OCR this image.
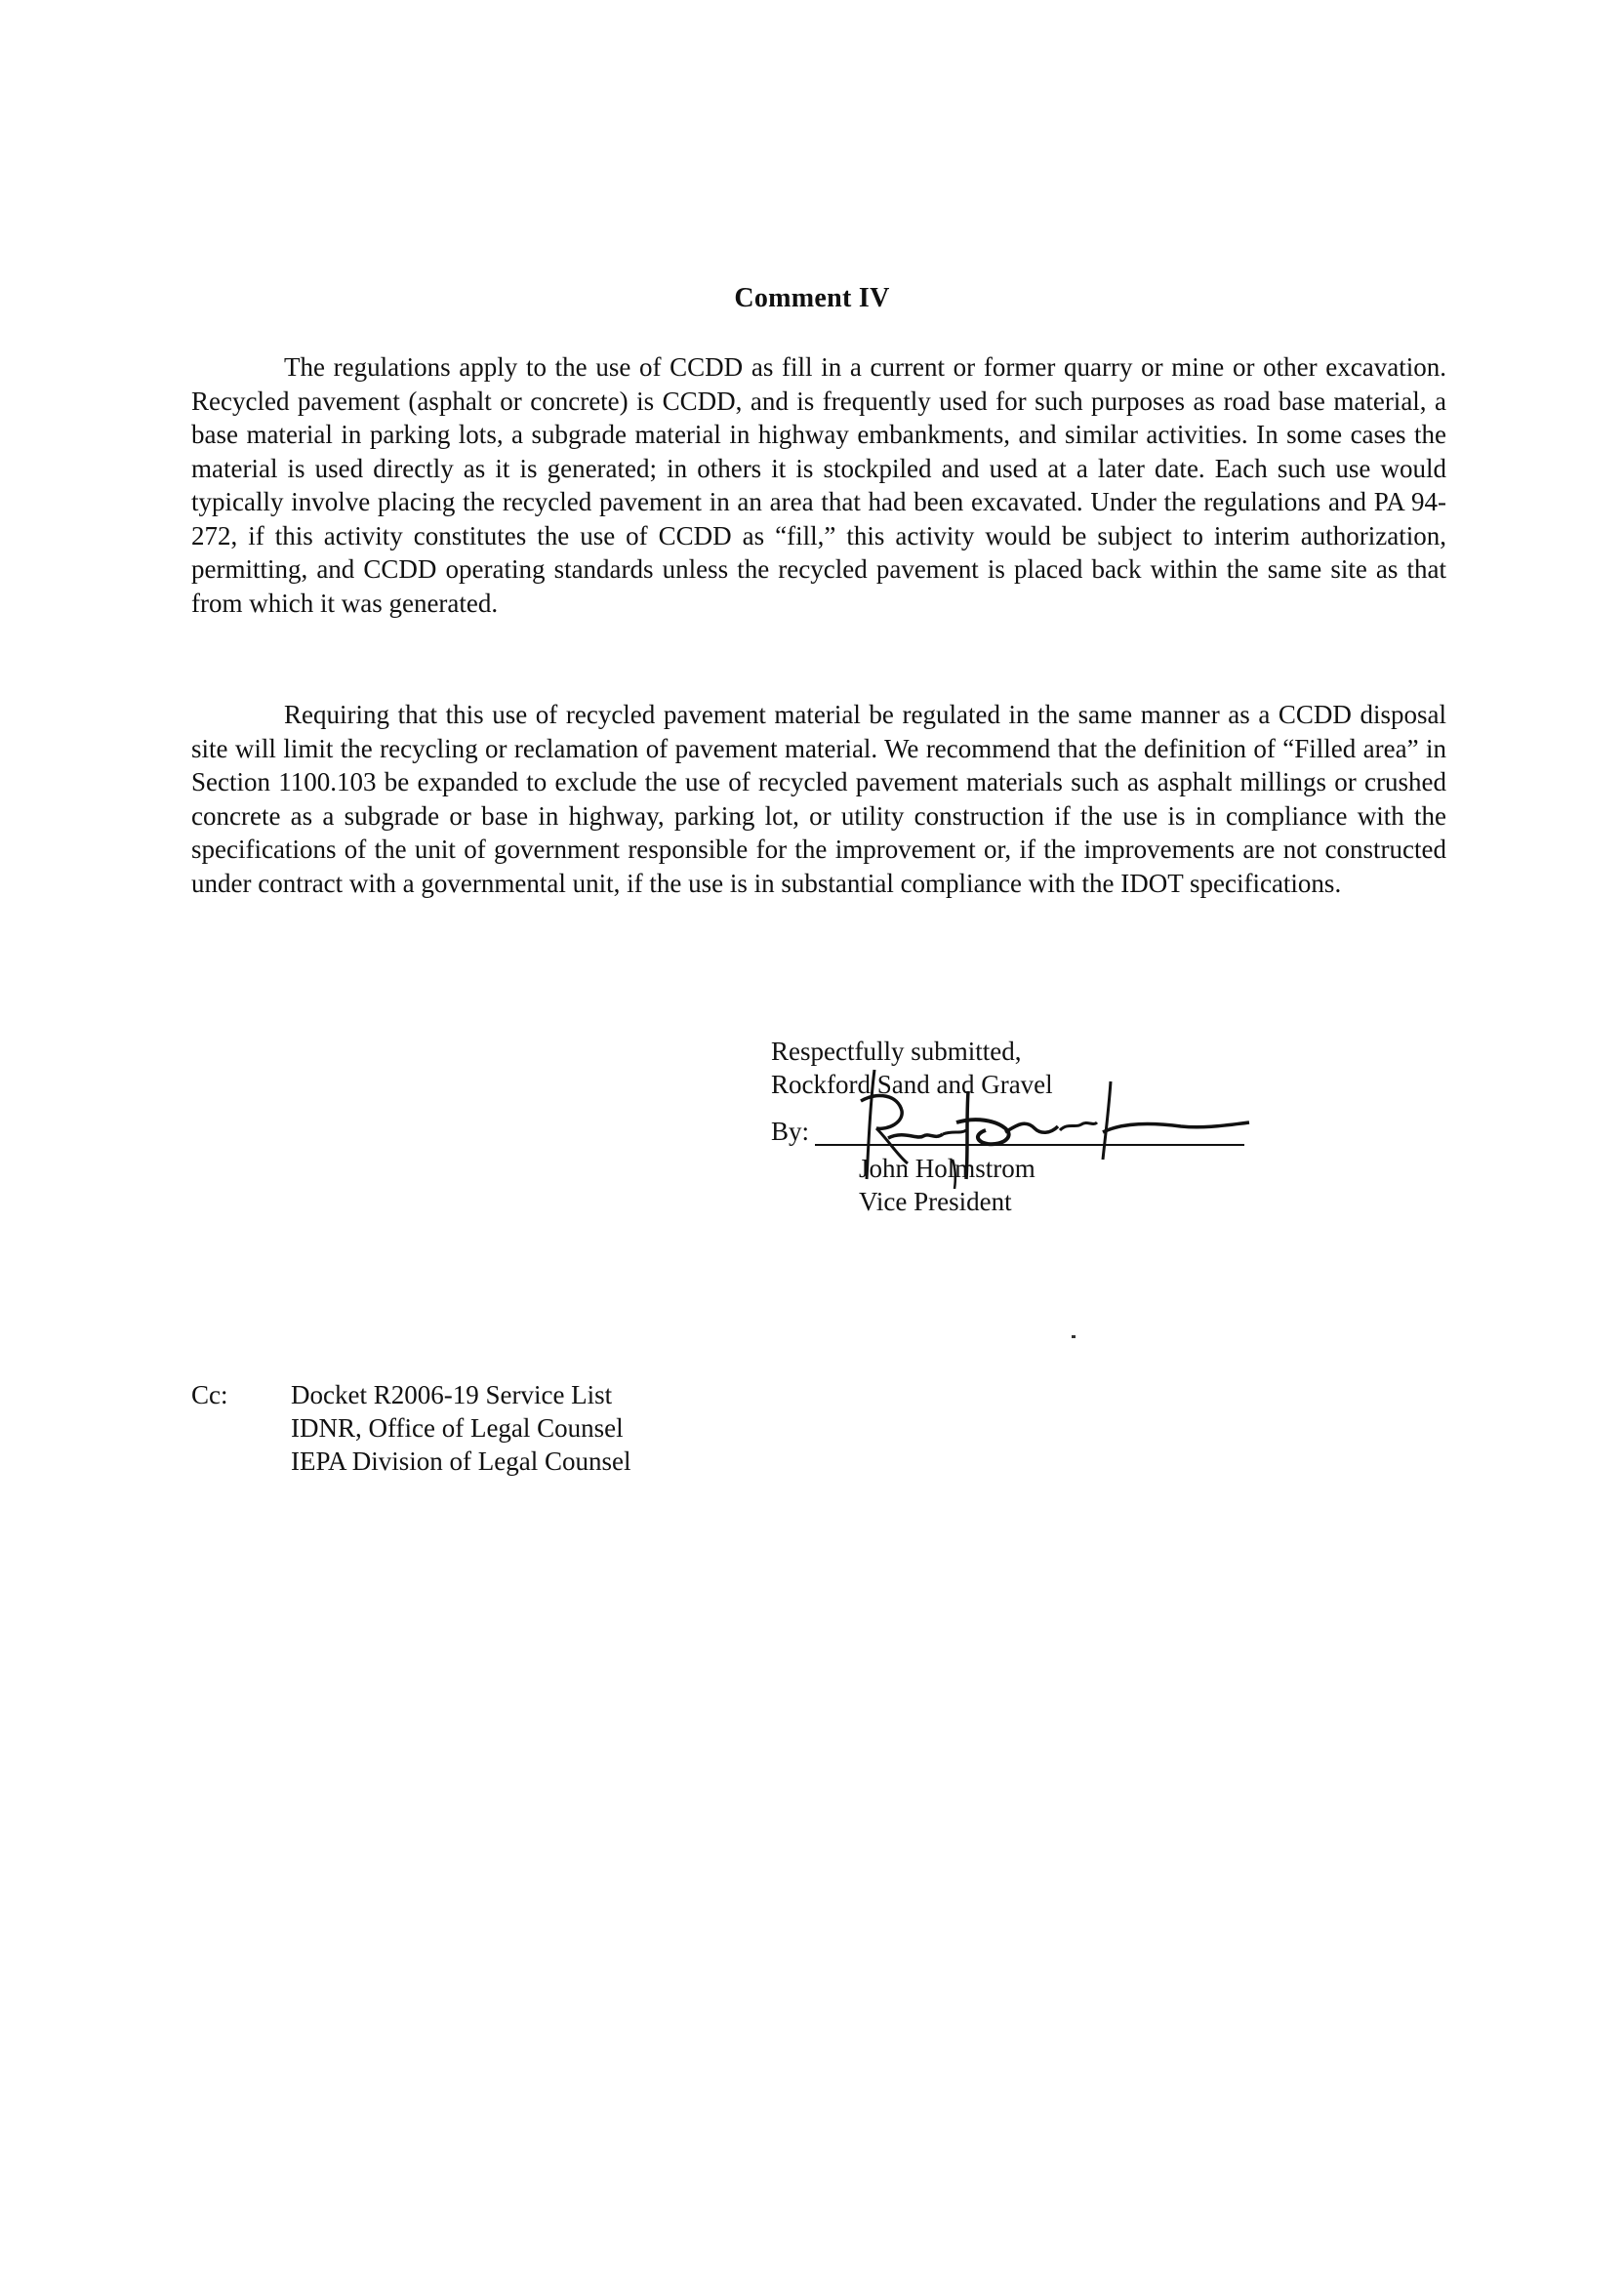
Comment IV

The regulations apply to the use of CCDD as fill in a current or former quarry or mine or other excavation. Recycled pavement (asphalt or concrete) is CCDD, and is frequently used for such purposes as road base material, a base material in parking lots, a subgrade material in highway embankments, and similar activities. In some cases the material is used directly as it is generated; in others it is stockpiled and used at a later date. Each such use would typically involve placing the recycled pavement in an area that had been excavated. Under the regulations and PA 94-272, if this activity constitutes the use of CCDD as “fill,” this activity would be subject to interim authorization, permitting, and CCDD operating standards unless the recycled pavement is placed back within the same site as that from which it was generated.

Requiring that this use of recycled pavement material be regulated in the same manner as a CCDD disposal site will limit the recycling or reclamation of pavement material. We recommend that the definition of “Filled area” in Section 1100.103 be expanded to exclude the use of recycled pavement materials such as asphalt millings or crushed concrete as a subgrade or base in highway, parking lot, or utility construction if the use is in compliance with the specifications of the unit of government responsible for the improvement or, if the improvements are not constructed under contract with a governmental unit, if the use is in substantial compliance with the IDOT specifications.

Respectfully submitted,
Rockford Sand and Gravel
By:
John Holmstrom
Vice President
Cc: Docket R2006-19 Service List
IDNR, Office of Legal Counsel
IEPA Division of Legal Counsel
